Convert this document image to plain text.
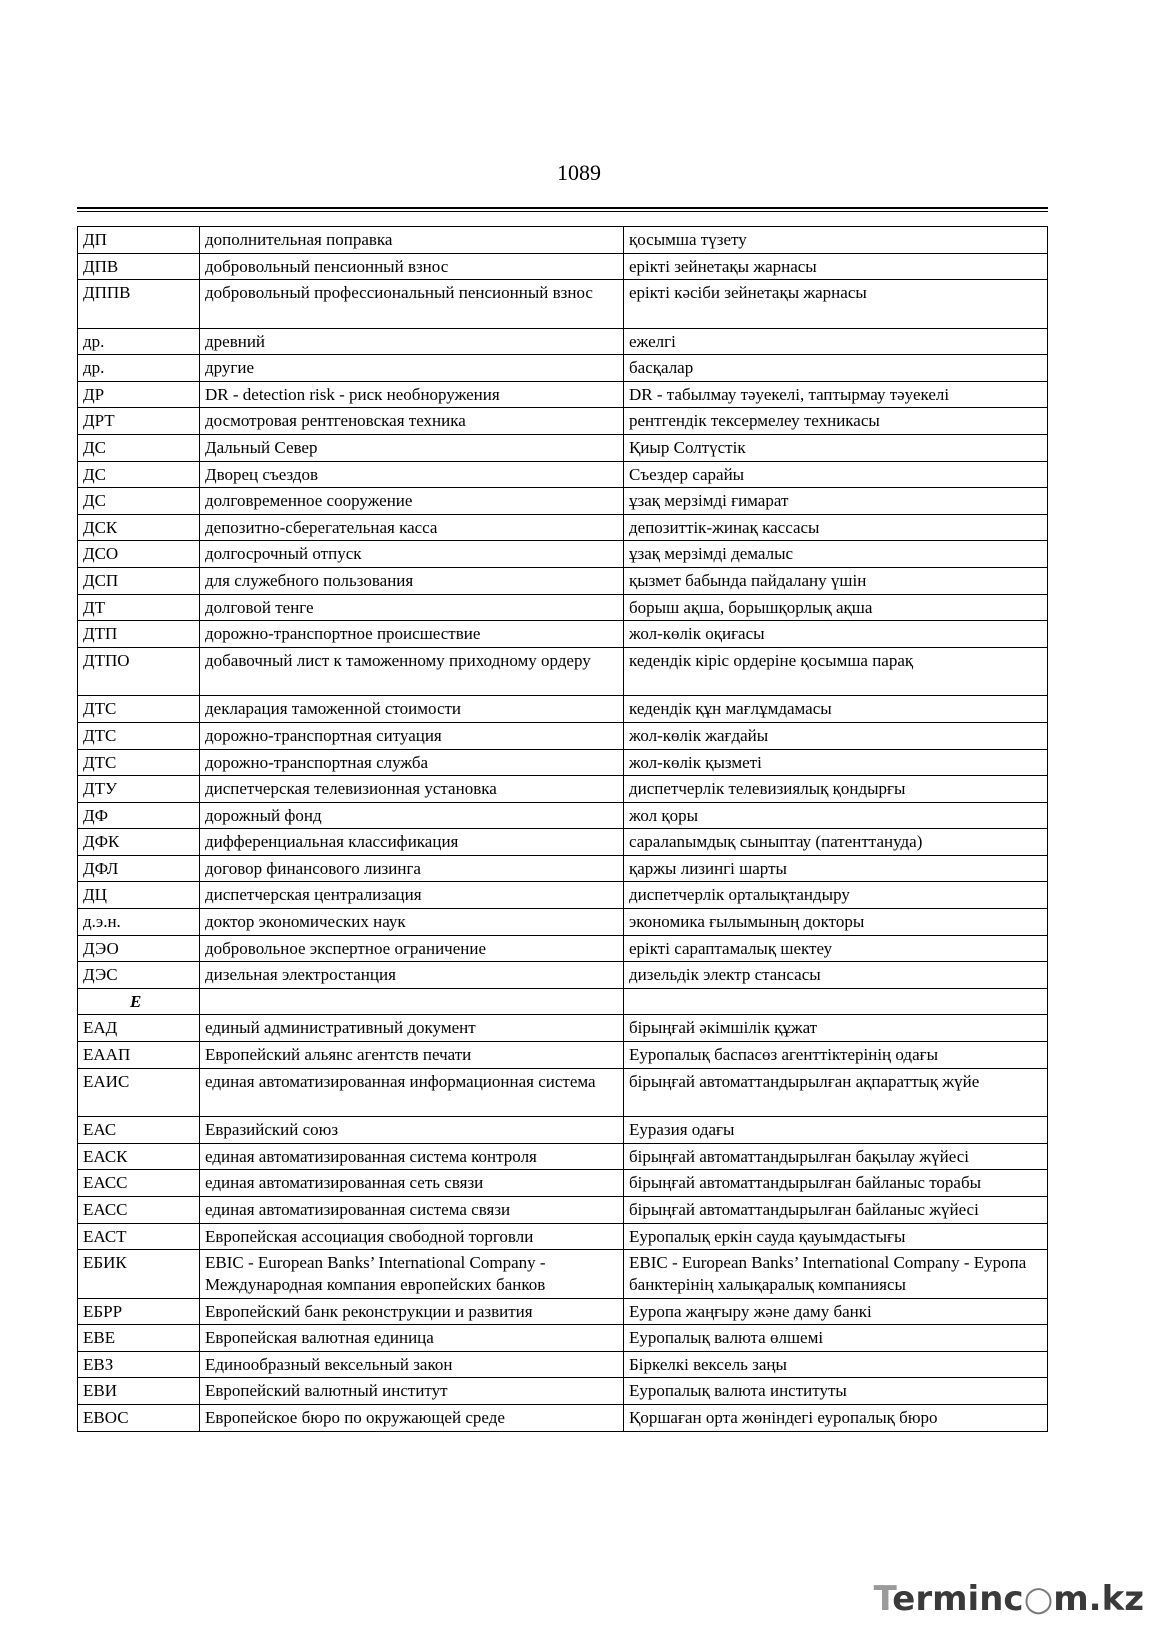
1089
ДП	дополнительная поправка	қосымша түзету
ДПВ	добровольный пенсионный взнос	ерікті зейнетақы жарнасы
ДППВ	добровольный профессиональный пенсионный взнос	ерікті кәсіби зейнетақы жарнасы
др.	древний	ежелгі
др.	другие	басқалар
ДР	DR - detection risk - риск необноружения	DR - табылмау тәуекелі, таптырмау тәуекелі
ДРТ	досмотровая рентгеновская техника	рентгендік тексермелеу техникасы
ДС	Дальный Север	Қиыр Солтүстік
ДС	Дворец съездов	Съездер сарайы
ДС	долговременное сооружение	ұзақ мерзімді ғимарат
ДСК	депозитно-сберегательная касса	депозиттік-жинақ кассасы
ДСО	долгосрочный отпуск	ұзақ мерзімді демалыс
ДСП	для служебного пользования	қызмет бабында пайдалану үшін
ДТ	долговой тенге	борыш ақша, борышқорлық ақша
ДТП	дорожно-транспортное происшествие	жол-көлік оқиғасы
ДТПО	добавочный лист к таможенному приходному ордеру	кедендік кіріс ордеріне қосымша парақ
ДТС	декларация таможенной стоимости	кедендік құн мағлұмдамасы
ДТС	дорожно-транспортная ситуация	жол-көлік жағдайы
ДТС	дорожно-транспортная служба	жол-көлік қызметі
ДТУ	диспетчерская телевизионная установка	диспетчерлік телевизиялық қондырғы
ДФ	дорожный фонд	жол қоры
ДФК	дифференциальная классификация	саралanымдық сыныптау (патенттануда)
ДФЛ	договор финансового лизинга	қаржы лизингі шарты
ДЦ	диспетчерская централизация	диспетчерлік орталықтандыру
д.э.н.	доктор экономических наук	экономика ғылымының докторы
ДЭО	добровольное экспертное ограничение	ерікті сараптамалық шектеу
ДЭС	дизельная электростанция	дизельдік электр стансасы
Е		
ЕАД	единый административный документ	бірыңғай әкімшілік құжат
ЕААП	Европейский альянс агентств печати	Еуропалық баспасөз агенттіктерінің одағы
ЕАИС	единая автоматизированная информационная система	бірыңғай автоматтандырылған ақпараттық жүйе
ЕАС	Евразийский союз	Еуразия одағы
ЕАСК	единая автоматизированная система контроля	бірыңғай автоматтандырылған бақылау жүйесі
ЕАСС	единая автоматизированная сеть связи	бірыңғай автоматтандырылған байланыс торабы
ЕАСС	единая автоматизированная система связи	бірыңғай автоматтандырылған байланыс жүйесі
ЕАСТ	Европейская ассоциация свободной торговли	Еуропалық еркін сауда қауымдастығы
ЕБИК	EBIC - European Banks’ International Company - Международная компания европейских банков	EBIC - European Banks’ International Company - Еуропа банктерінің халықаралық компаниясы
ЕБРР	Европейский банк реконструкции и развития	Еуропа жаңғыру және даму банкі
ЕВЕ	Европейская валютная единица	Еуропалық валюта өлшемі
ЕВЗ	Единообразный вексельный закон	Біркелкі вексель заңы
ЕВИ	Европейский валютный институт	Еуропалық валюта институты
ЕВОС	Европейское бюро по окружающей среде	Қоршаған орта жөніндегі еуропалық бюро
Terminc○m.kz
